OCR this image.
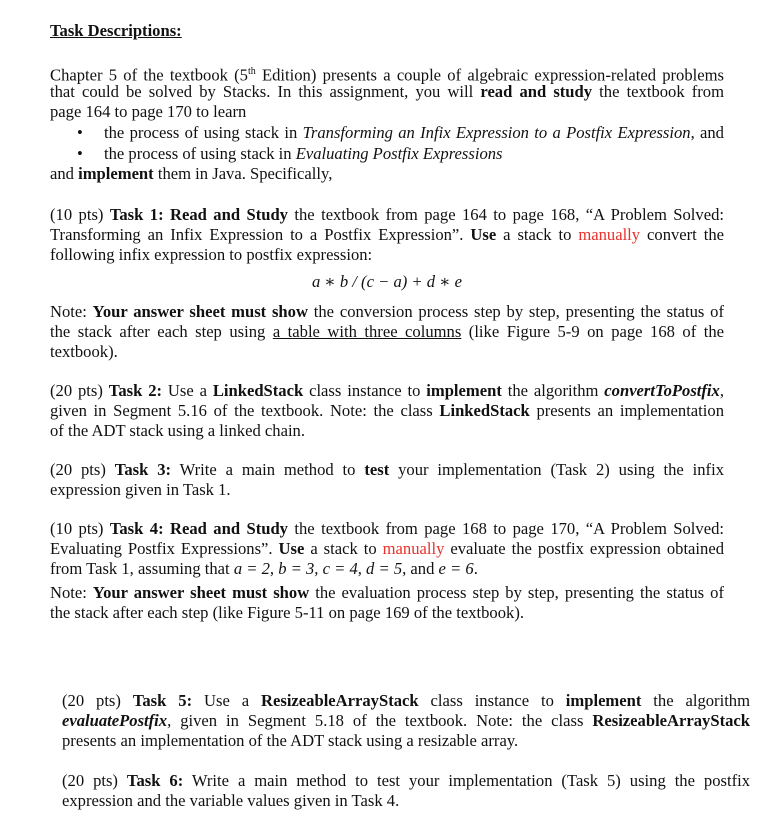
Task Descriptions:
Chapter 5 of the textbook (5th Edition) presents a couple of algebraic expression-related problems
that could be solved by Stacks. In this assignment, you will read and study the textbook from
page 164 to page 170 to learn
• the process of using stack in Transforming an Infix Expression to a Postfix Expression, and
• the process of using stack in Evaluating Postfix Expressions
and implement them in Java. Specifically,
(10 pts) Task 1: Read and Study the textbook from page 164 to page 168, “A Problem Solved:
Transforming an Infix Expression to a Postfix Expression”. Use a stack to manually convert the
following infix expression to postfix expression:
a ∗ b / (c − a) + d ∗ e
Note: Your answer sheet must show the conversion process step by step, presenting the status of
the stack after each step using a table with three columns (like Figure 5-9 on page 168 of the
textbook).
(20 pts) Task 2: Use a LinkedStack class instance to implement the algorithm convertToPostfix,
given in Segment 5.16 of the textbook. Note: the class LinkedStack presents an implementation
of the ADT stack using a linked chain.
(20 pts) Task 3: Write a main method to test your implementation (Task 2) using the infix
expression given in Task 1.
(10 pts) Task 4: Read and Study the textbook from page 168 to page 170, “A Problem Solved:
Evaluating Postfix Expressions”. Use a stack to manually evaluate the postfix expression obtained
from Task 1, assuming that a = 2, b = 3, c = 4, d = 5, and e = 6.
Note: Your answer sheet must show the evaluation process step by step, presenting the status of
the stack after each step (like Figure 5-11 on page 169 of the textbook).
(20 pts) Task 5: Use a ResizeableArrayStack class instance to implement the algorithm
evaluatePostfix, given in Segment 5.18 of the textbook. Note: the class ResizeableArrayStack
presents an implementation of the ADT stack using a resizable array.
(20 pts) Task 6: Write a main method to test your implementation (Task 5) using the postfix
expression and the variable values given in Task 4.
